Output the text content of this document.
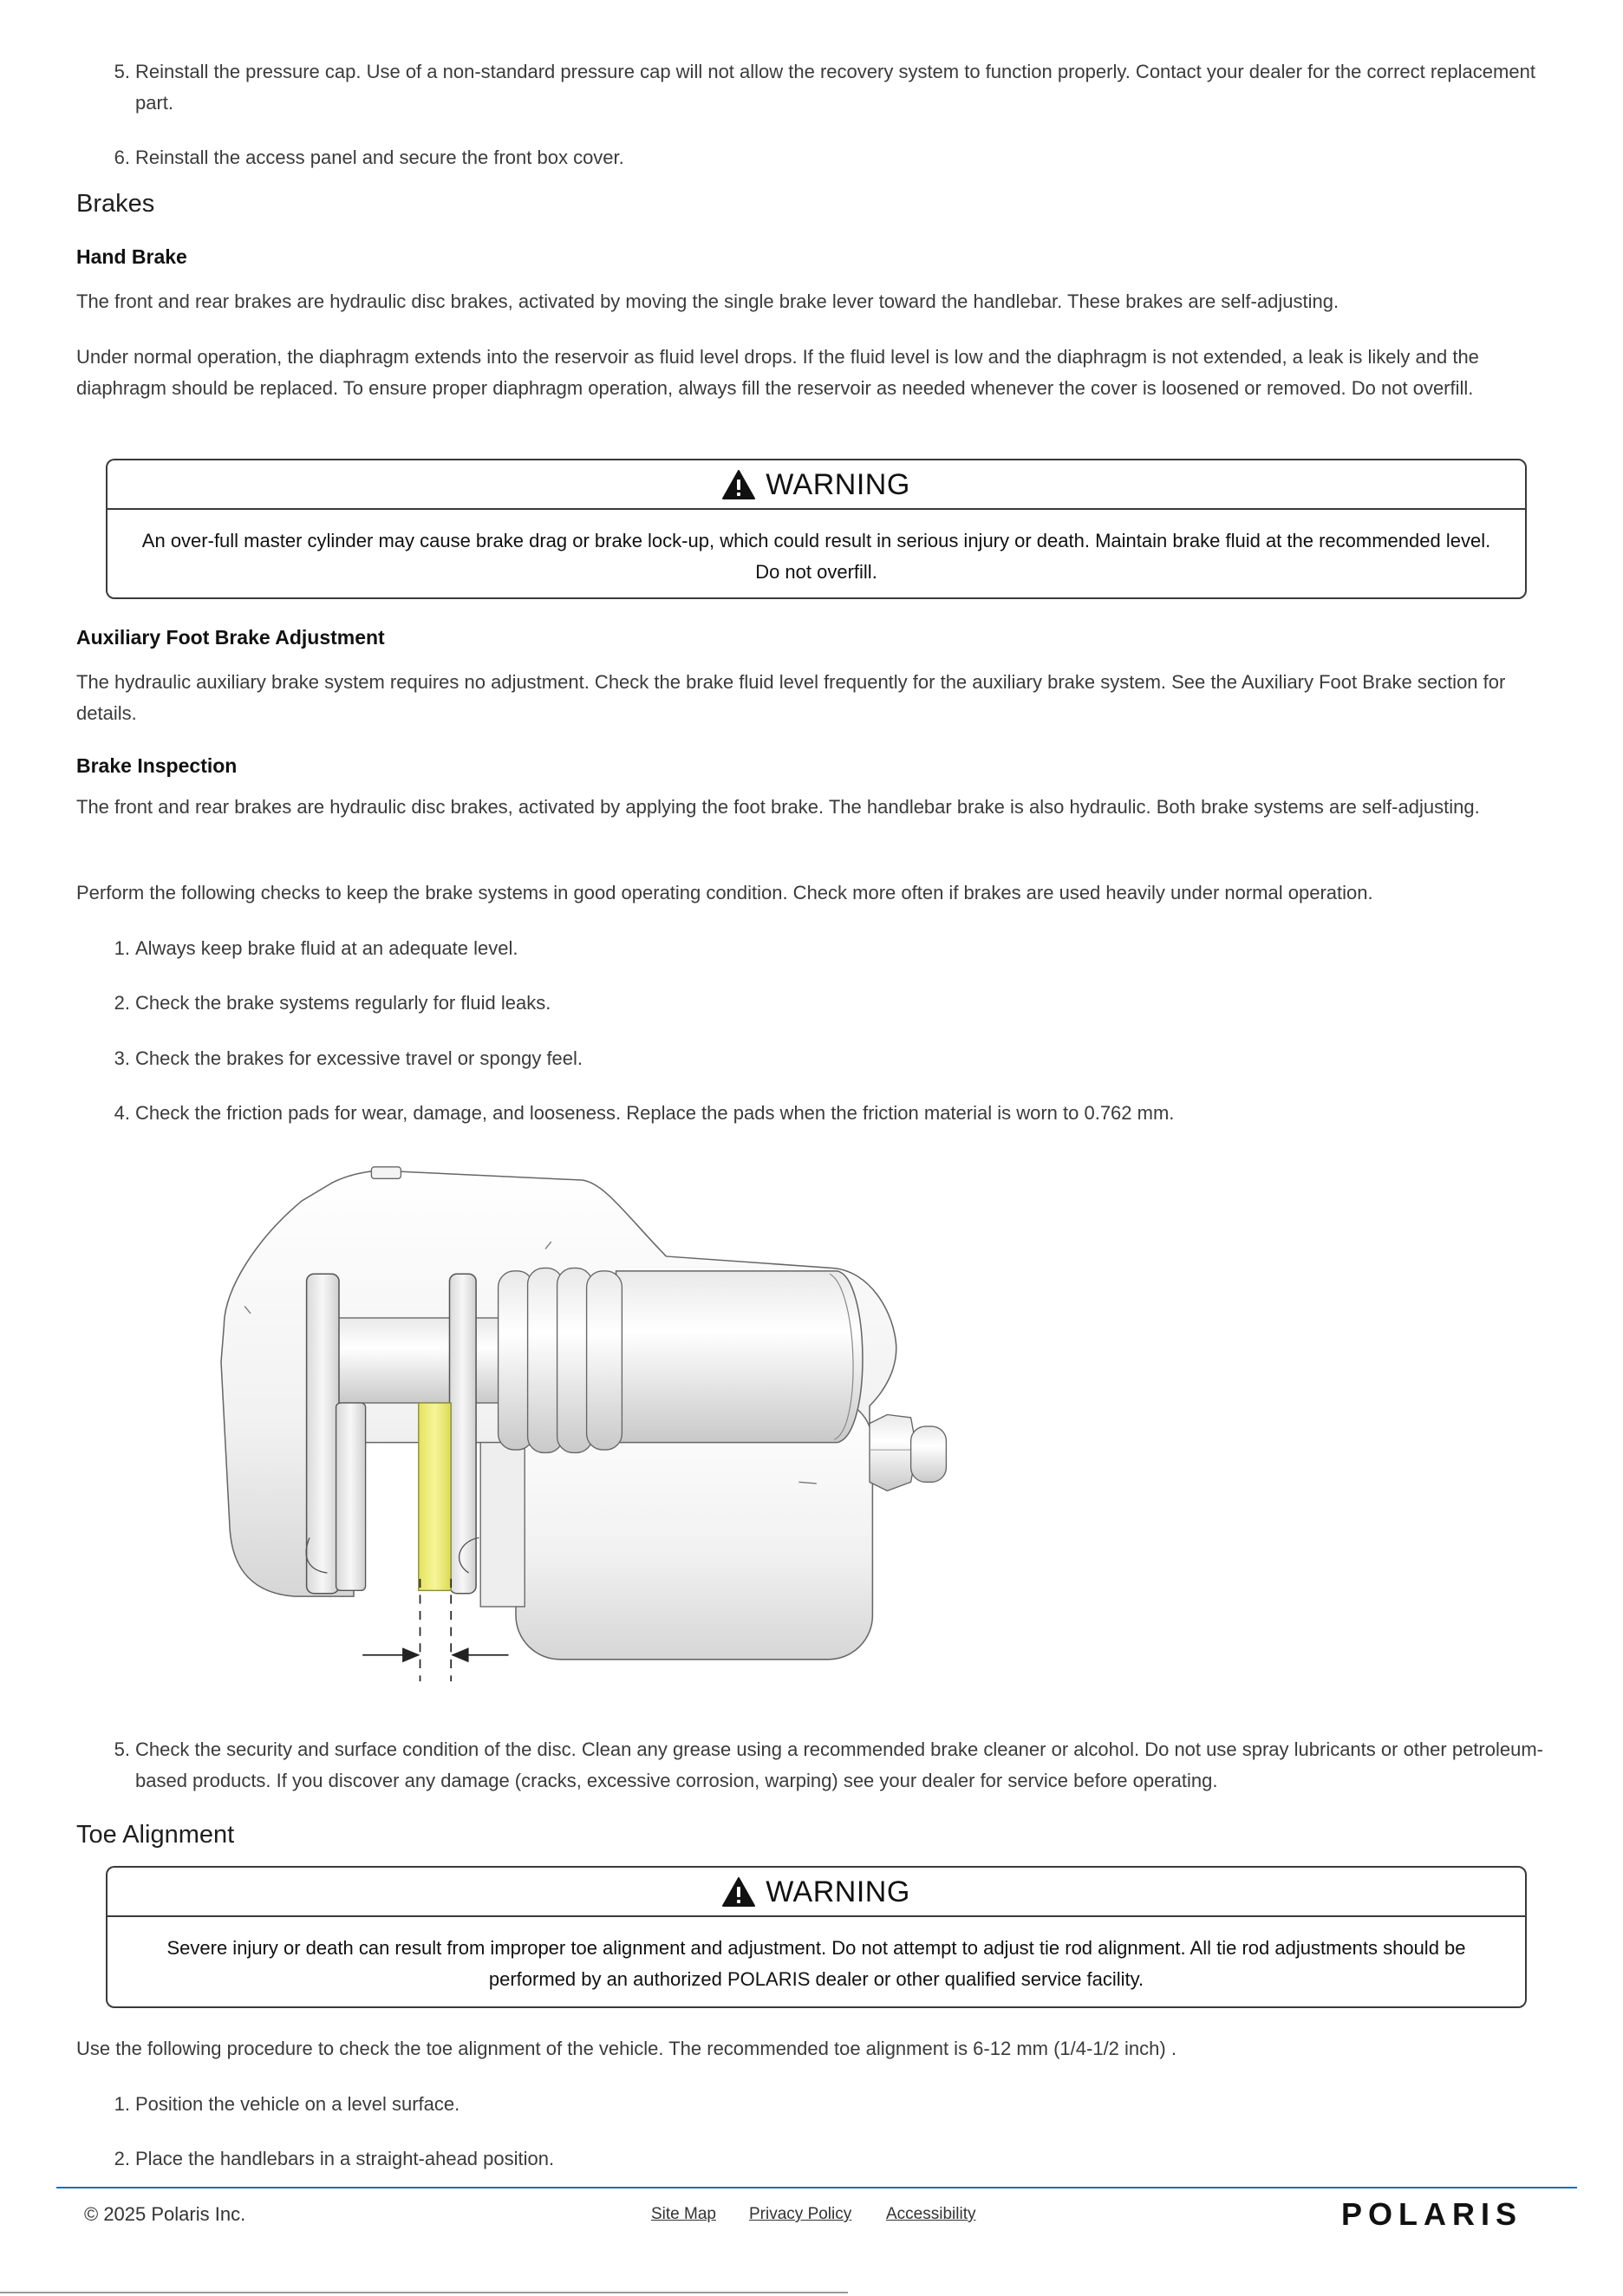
5. Reinstall the pressure cap. Use of a non-standard pressure cap will not allow the recovery system to function properly. Contact your dealer for the correct replacement part.
6. Reinstall the access panel and secure the front box cover.
Brakes
Hand Brake
The front and rear brakes are hydraulic disc brakes, activated by moving the single brake lever toward the handlebar. These brakes are self-adjusting.
Under normal operation, the diaphragm extends into the reservoir as fluid level drops. If the fluid level is low and the diaphragm is not extended, a leak is likely and the diaphragm should be replaced. To ensure proper diaphragm operation, always fill the reservoir as needed whenever the cover is loosened or removed. Do not overfill.
WARNING
An over-full master cylinder may cause brake drag or brake lock-up, which could result in serious injury or death. Maintain brake fluid at the recommended level. Do not overfill.
Auxiliary Foot Brake Adjustment
The hydraulic auxiliary brake system requires no adjustment. Check the brake fluid level frequently for the auxiliary brake system. See the Auxiliary Foot Brake section for details.
Brake Inspection
The front and rear brakes are hydraulic disc brakes, activated by applying the foot brake. The handlebar brake is also hydraulic. Both brake systems are self-adjusting.
Perform the following checks to keep the brake systems in good operating condition. Check more often if brakes are used heavily under normal operation.
1. Always keep brake fluid at an adequate level.
2. Check the brake systems regularly for fluid leaks.
3. Check the brakes for excessive travel or spongy feel.
4. Check the friction pads for wear, damage, and looseness. Replace the pads when the friction material is worn to 0.762 mm.
5. Check the security and surface condition of the disc. Clean any grease using a recommended brake cleaner or alcohol. Do not use spray lubricants or other petroleum-based products. If you discover any damage (cracks, excessive corrosion, warping) see your dealer for service before operating.
Toe Alignment
WARNING
Severe injury or death can result from improper toe alignment and adjustment. Do not attempt to adjust tie rod alignment. All tie rod adjustments should be performed by an authorized POLARIS dealer or other qualified service facility.
Use the following procedure to check the toe alignment of the vehicle. The recommended toe alignment is 6-12 mm (1/4-1/2 inch) .
1. Position the vehicle on a level surface.
2. Place the handlebars in a straight-ahead position.
© 2025 Polaris Inc.	Site Map Privacy Policy Accessibility	POLARIS
